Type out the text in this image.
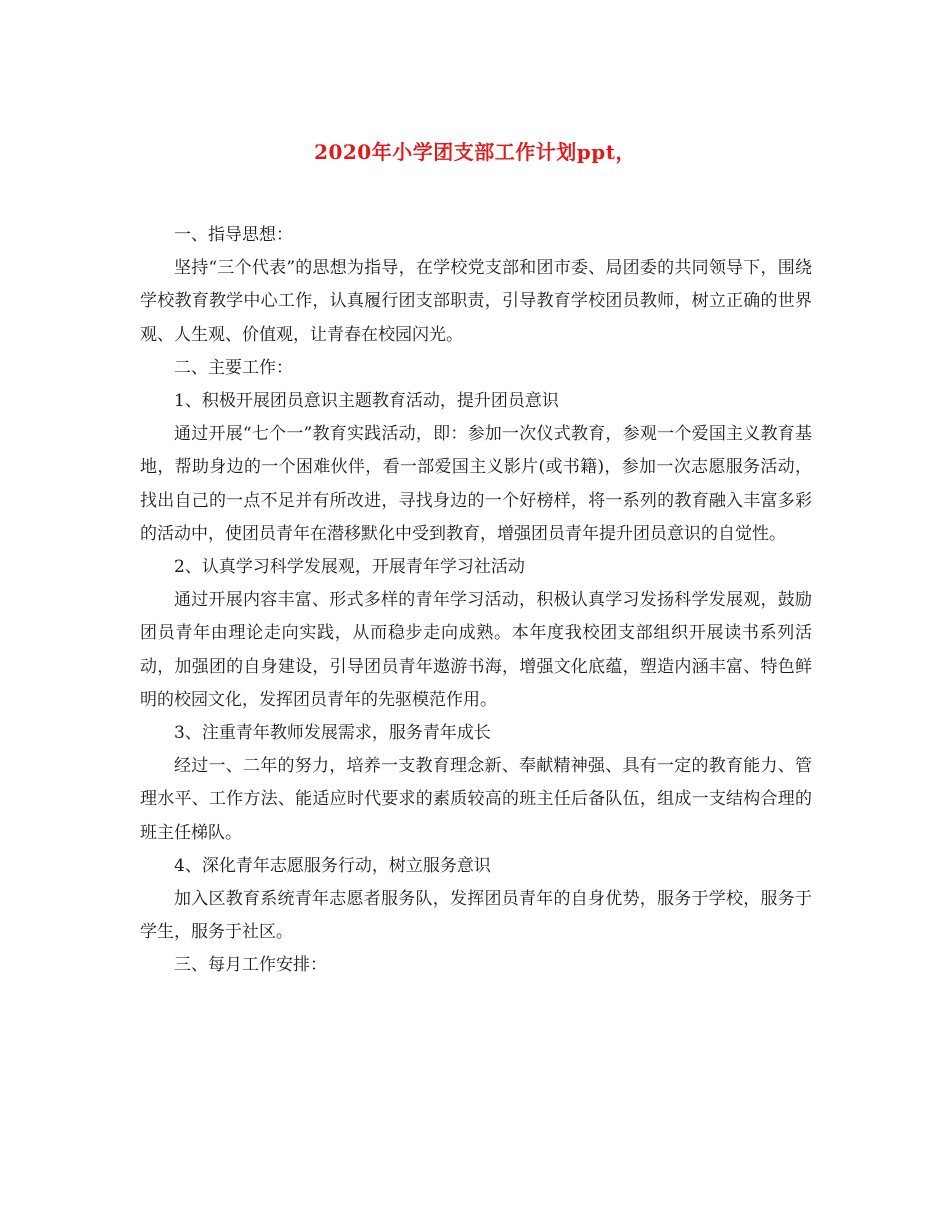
2020年小学团支部工作计划ppt，

一、指导思想：

坚持“三个代表”的思想为指导，在学校党支部和团市委、局团委的共同领导下，围绕学校教育教学中心工作，认真履行团支部职责，引导教育学校团员教师，树立正确的世界观、人生观、价值观，让青春在校园闪光。

二、主要工作：

1、积极开展团员意识主题教育活动，提升团员意识

通过开展“七个一”教育实践活动，即：参加一次仪式教育，参观一个爱国主义教育基地，帮助身边的一个困难伙伴，看一部爱国主义影片(或书籍)，参加一次志愿服务活动，找出自己的一点不足并有所改进，寻找身边的一个好榜样，将一系列的教育融入丰富多彩的活动中，使团员青年在潜移默化中受到教育，增强团员青年提升团员意识的自觉性。

2、认真学习科学发展观，开展青年学习社活动

通过开展内容丰富、形式多样的青年学习活动，积极认真学习发扬科学发展观，鼓励团员青年由理论走向实践，从而稳步走向成熟。本年度我校团支部组织开展读书系列活动，加强团的自身建设，引导团员青年遨游书海，增强文化底蕴，塑造内涵丰富、特色鲜明的校园文化，发挥团员青年的先驱模范作用。

3、注重青年教师发展需求，服务青年成长

经过一、二年的努力，培养一支教育理念新、奉献精神强、具有一定的教育能力、管理水平、工作方法、能适应时代要求的素质较高的班主任后备队伍，组成一支结构合理的班主任梯队。

4、深化青年志愿服务行动，树立服务意识

加入区教育系统青年志愿者服务队，发挥团员青年的自身优势，服务于学校，服务于学生，服务于社区。

三、每月工作安排：
